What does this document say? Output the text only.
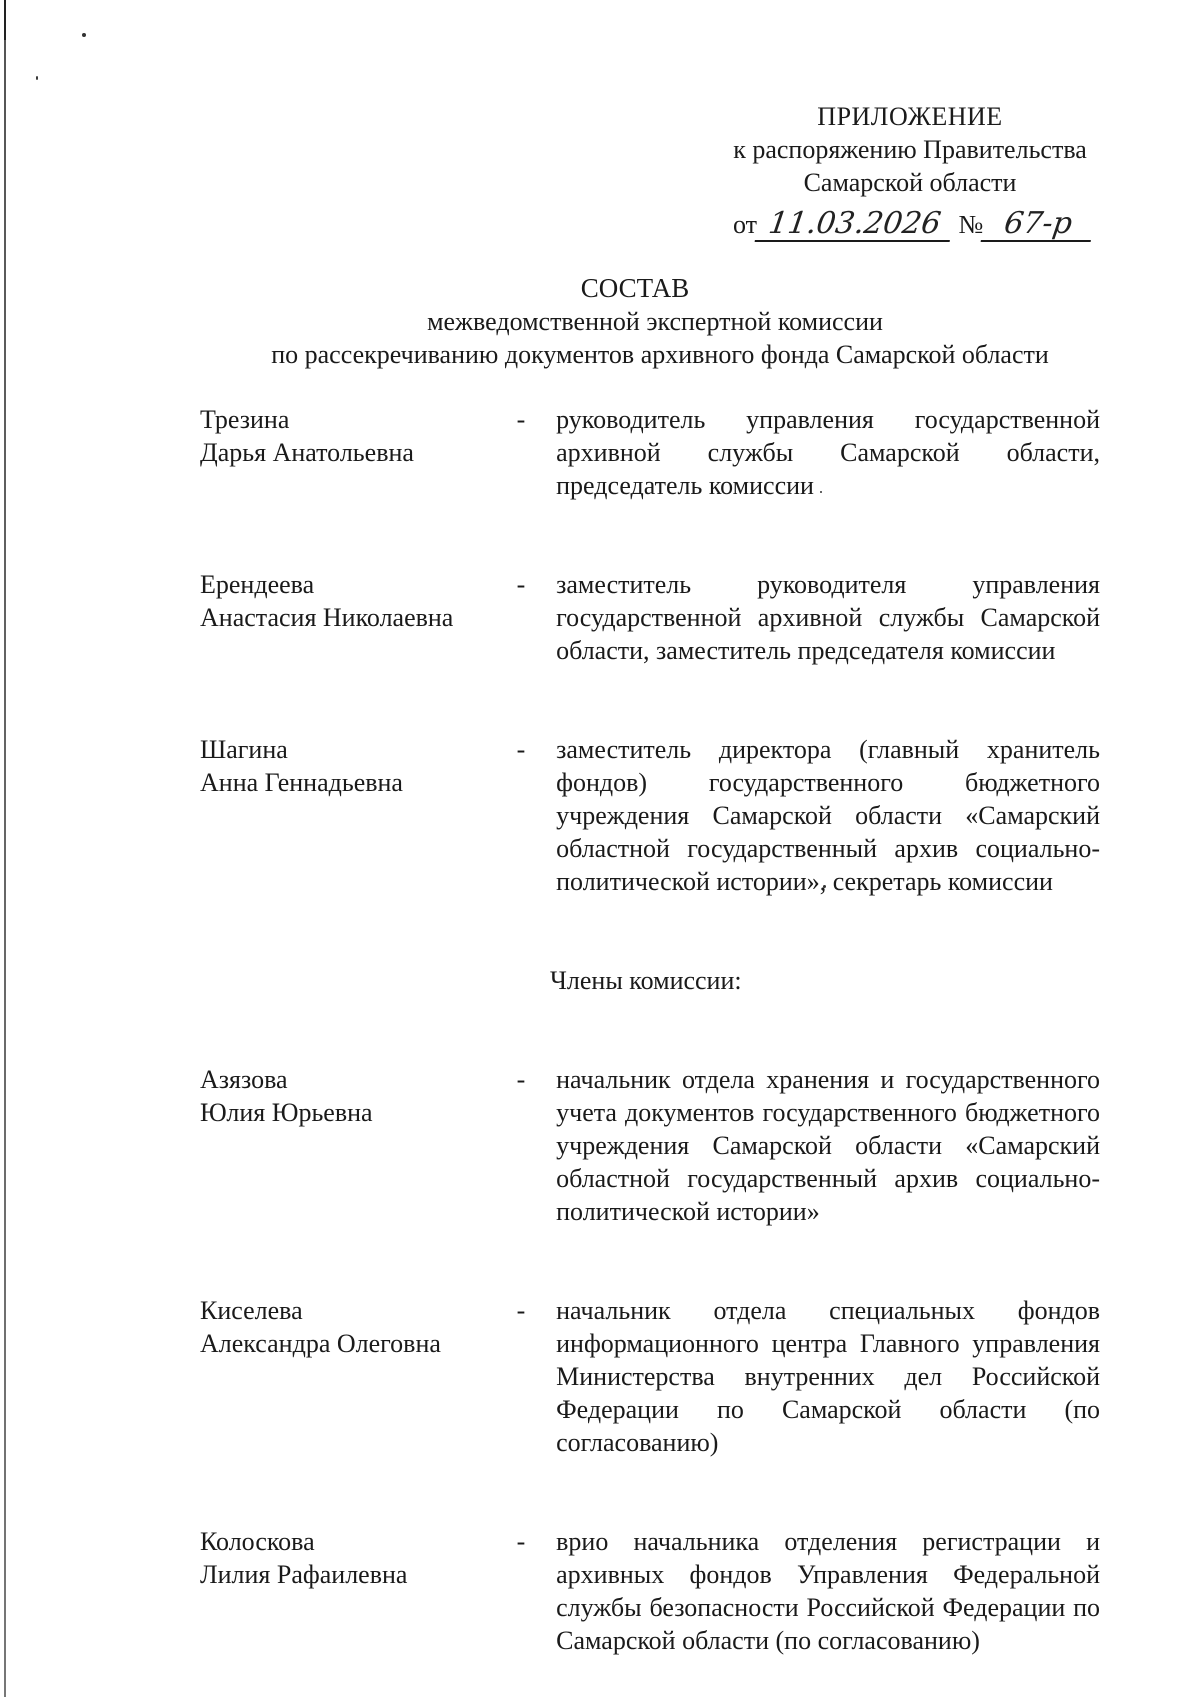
ПРИЛОЖЕНИЕ
к распоряжению Правительства
Самарской области
от 11.03.2026 № 67-р
СОСТАВ
межведомственной экспертной комиссии
по рассекречиванию документов архивного фонда Самарской области
Трезина
Дарья Анатольевна
-	руководитель управления государственной архивной службы Самарской области, председатель комиссии
Ерендеева
Анастасия Николаевна
-	заместитель руководителя управления государственной архивной службы Самарской области, заместитель председателя комиссии
Шагина
Анна Геннадьевна
-	заместитель директора (главный хранитель фондов) государственного бюджетного учреждения Самарской области «Самарский областной государственный архив социально-политической истории», секретарь комиссии
Члены комиссии:
Азязова
Юлия Юрьевна
-	начальник отдела хранения и государственного учета документов государственного бюджетного учреждения Самарской области «Самарский областной государственный архив социально-политической истории»
Киселева
Александра Олеговна
-	начальник отдела специальных фондов информационного центра Главного управления Министерства внутренних дел Российской Федерации по Самарской области (по согласованию)
Колоскова
Лилия Рафаилевна
-	врио начальника отделения регистрации и архивных фондов Управления Федеральной службы безопасности Российской Федерации по Самарской области (по согласованию)
